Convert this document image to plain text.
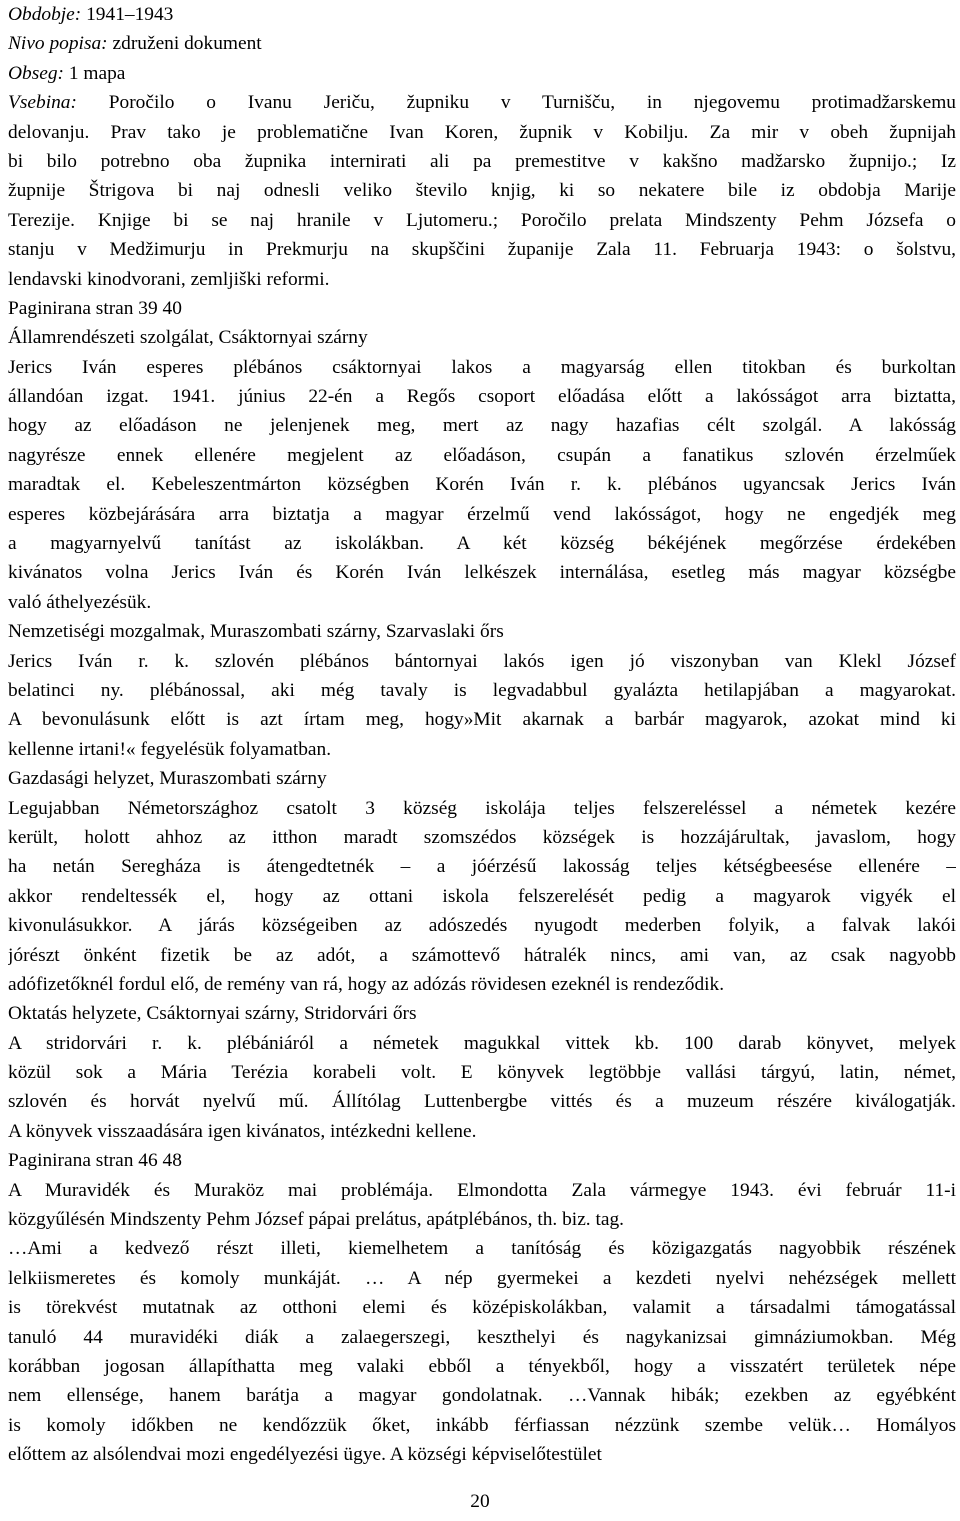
Obdobje: 1941–1943
Nivo popisa: združeni dokument
Obseg: 1 mapa
Vsebina: Poročilo o Ivanu Jeriču, župniku v Turnišču, in njegovemu protimadžarskemu
delovanju. Prav tako je problematične Ivan Koren, župnik v Kobilju. Za mir v obeh župnijah
bi bilo potrebno oba župnika internirati ali pa premestitve v kakšno madžarsko župnijo.; Iz
župnije Štrigova bi naj odnesli veliko število knjig, ki so nekatere bile iz obdobja Marije
Terezije. Knjige bi se naj hranile v Ljutomeru.; Poročilo prelata Mindszenty Pehm Józsefa o
stanju v Medžimurju in Prekmurju na skupščini županije Zala 11. Februarja 1943: o šolstvu,
lendavski kinodvorani, zemljiški reformi.
Paginirana stran 39 40
Államrendészeti szolgálat, Csáktornyai szárny
Jerics Iván esperes plébános csáktornyai lakos a magyarság ellen titokban és burkoltan
állandóan izgat. 1941. június 22-én a Regős csoport előadása előtt a lakósságot arra biztatta,
hogy az előadáson ne jelenjenek meg, mert az nagy hazafias célt szolgál. A lakósság
nagyrésze ennek ellenére megjelent az előadáson, csupán a fanatikus szlovén érzelműek
maradtak el. Kebeleszentmárton községben Korén Iván r. k. plébános ugyancsak Jerics Iván
esperes közbejárására arra biztatja a magyar érzelmű vend lakósságot, hogy ne engedjék meg
a magyarnyelvű tanítást az iskolákban. A két község békéjének megőrzése érdekében
kivánatos volna Jerics Iván és Korén Iván lelkészek internálása, esetleg más magyar községbe
való áthelyezésük.
Nemzetiségi mozgalmak, Muraszombati szárny, Szarvaslaki őrs
Jerics Iván r. k. szlovén plébános bántornyai lakós igen jó viszonyban van Klekl József
belatinci ny. plébánossal, aki még tavaly is legvadabbul gyalázta hetilapjában a magyarokat.
A bevonulásunk előtt is azt írtam meg, hogy»Mit akarnak a barbár magyarok, azokat mind ki
kellenne irtani!« fegyelésük folyamatban.
Gazdasági helyzet, Muraszombati szárny
Legujabban Németországhoz csatolt 3 község iskolája teljes felszereléssel a németek kezére
került, holott ahhoz az itthon maradt szomszédos községek is hozzájárultak, javaslom, hogy
ha netán Seregháza is átengedtetnék – a jóérzésű lakosság teljes kétségbeesése ellenére –
akkor rendeltessék el, hogy az ottani iskola felszerelését pedig a magyarok vigyék el
kivonulásukkor. A járás községeiben az adószedés nyugodt mederben folyik, a falvak lakói
jórészt önként fizetik be az adót, a számottevő hátralék nincs, ami van, az csak nagyobb
adófizetőknél fordul elő, de remény van rá, hogy az adózás rövidesen ezeknél is rendeződik.
Oktatás helyzete, Csáktornyai szárny, Stridorvári őrs
A stridorvári r. k. plébániáról a németek magukkal vittek kb. 100 darab könyvet, melyek
közül sok a Mária Terézia korabeli volt. E könyvek legtöbbje vallási tárgyú, latin, német,
szlovén és horvát nyelvű mű. Állítólag Luttenbergbe vittés és a muzeum részére kiválogatják.
A könyvek visszaadására igen kivánatos, intézkedni kellene.
Paginirana stran 46 48
A Muravidék és Muraköz mai problémája. Elmondotta Zala vármegye 1943. évi február 11-i
közgyűlésén Mindszenty Pehm József pápai prelátus, apátplébános, th. biz. tag.
…Ami a kedvező részt illeti, kiemelhetem a tanítóság és közigazgatás nagyobbik részének
lelkiismeretes és komoly munkáját. … A nép gyermekei a kezdeti nyelvi nehézségek mellett
is törekvést mutatnak az otthoni elemi és középiskolákban, valamit a társadalmi támogatással
tanuló 44 muravidéki diák a zalaegerszegi, keszthelyi és nagykanizsai gimnáziumokban. Még
korábban jogosan állapíthatta meg valaki ebből a tényekből, hogy a visszatért területek népe
nem ellensége, hanem barátja a magyar gondolatnak. …Vannak hibák; ezekben az egyébként
is komoly időkben ne kendőzzük őket, inkább férfiassan nézzünk szembe velük… Homályos
előttem az alsólendvai mozi engedélyezési ügye. A községi képviselőtestület
20
